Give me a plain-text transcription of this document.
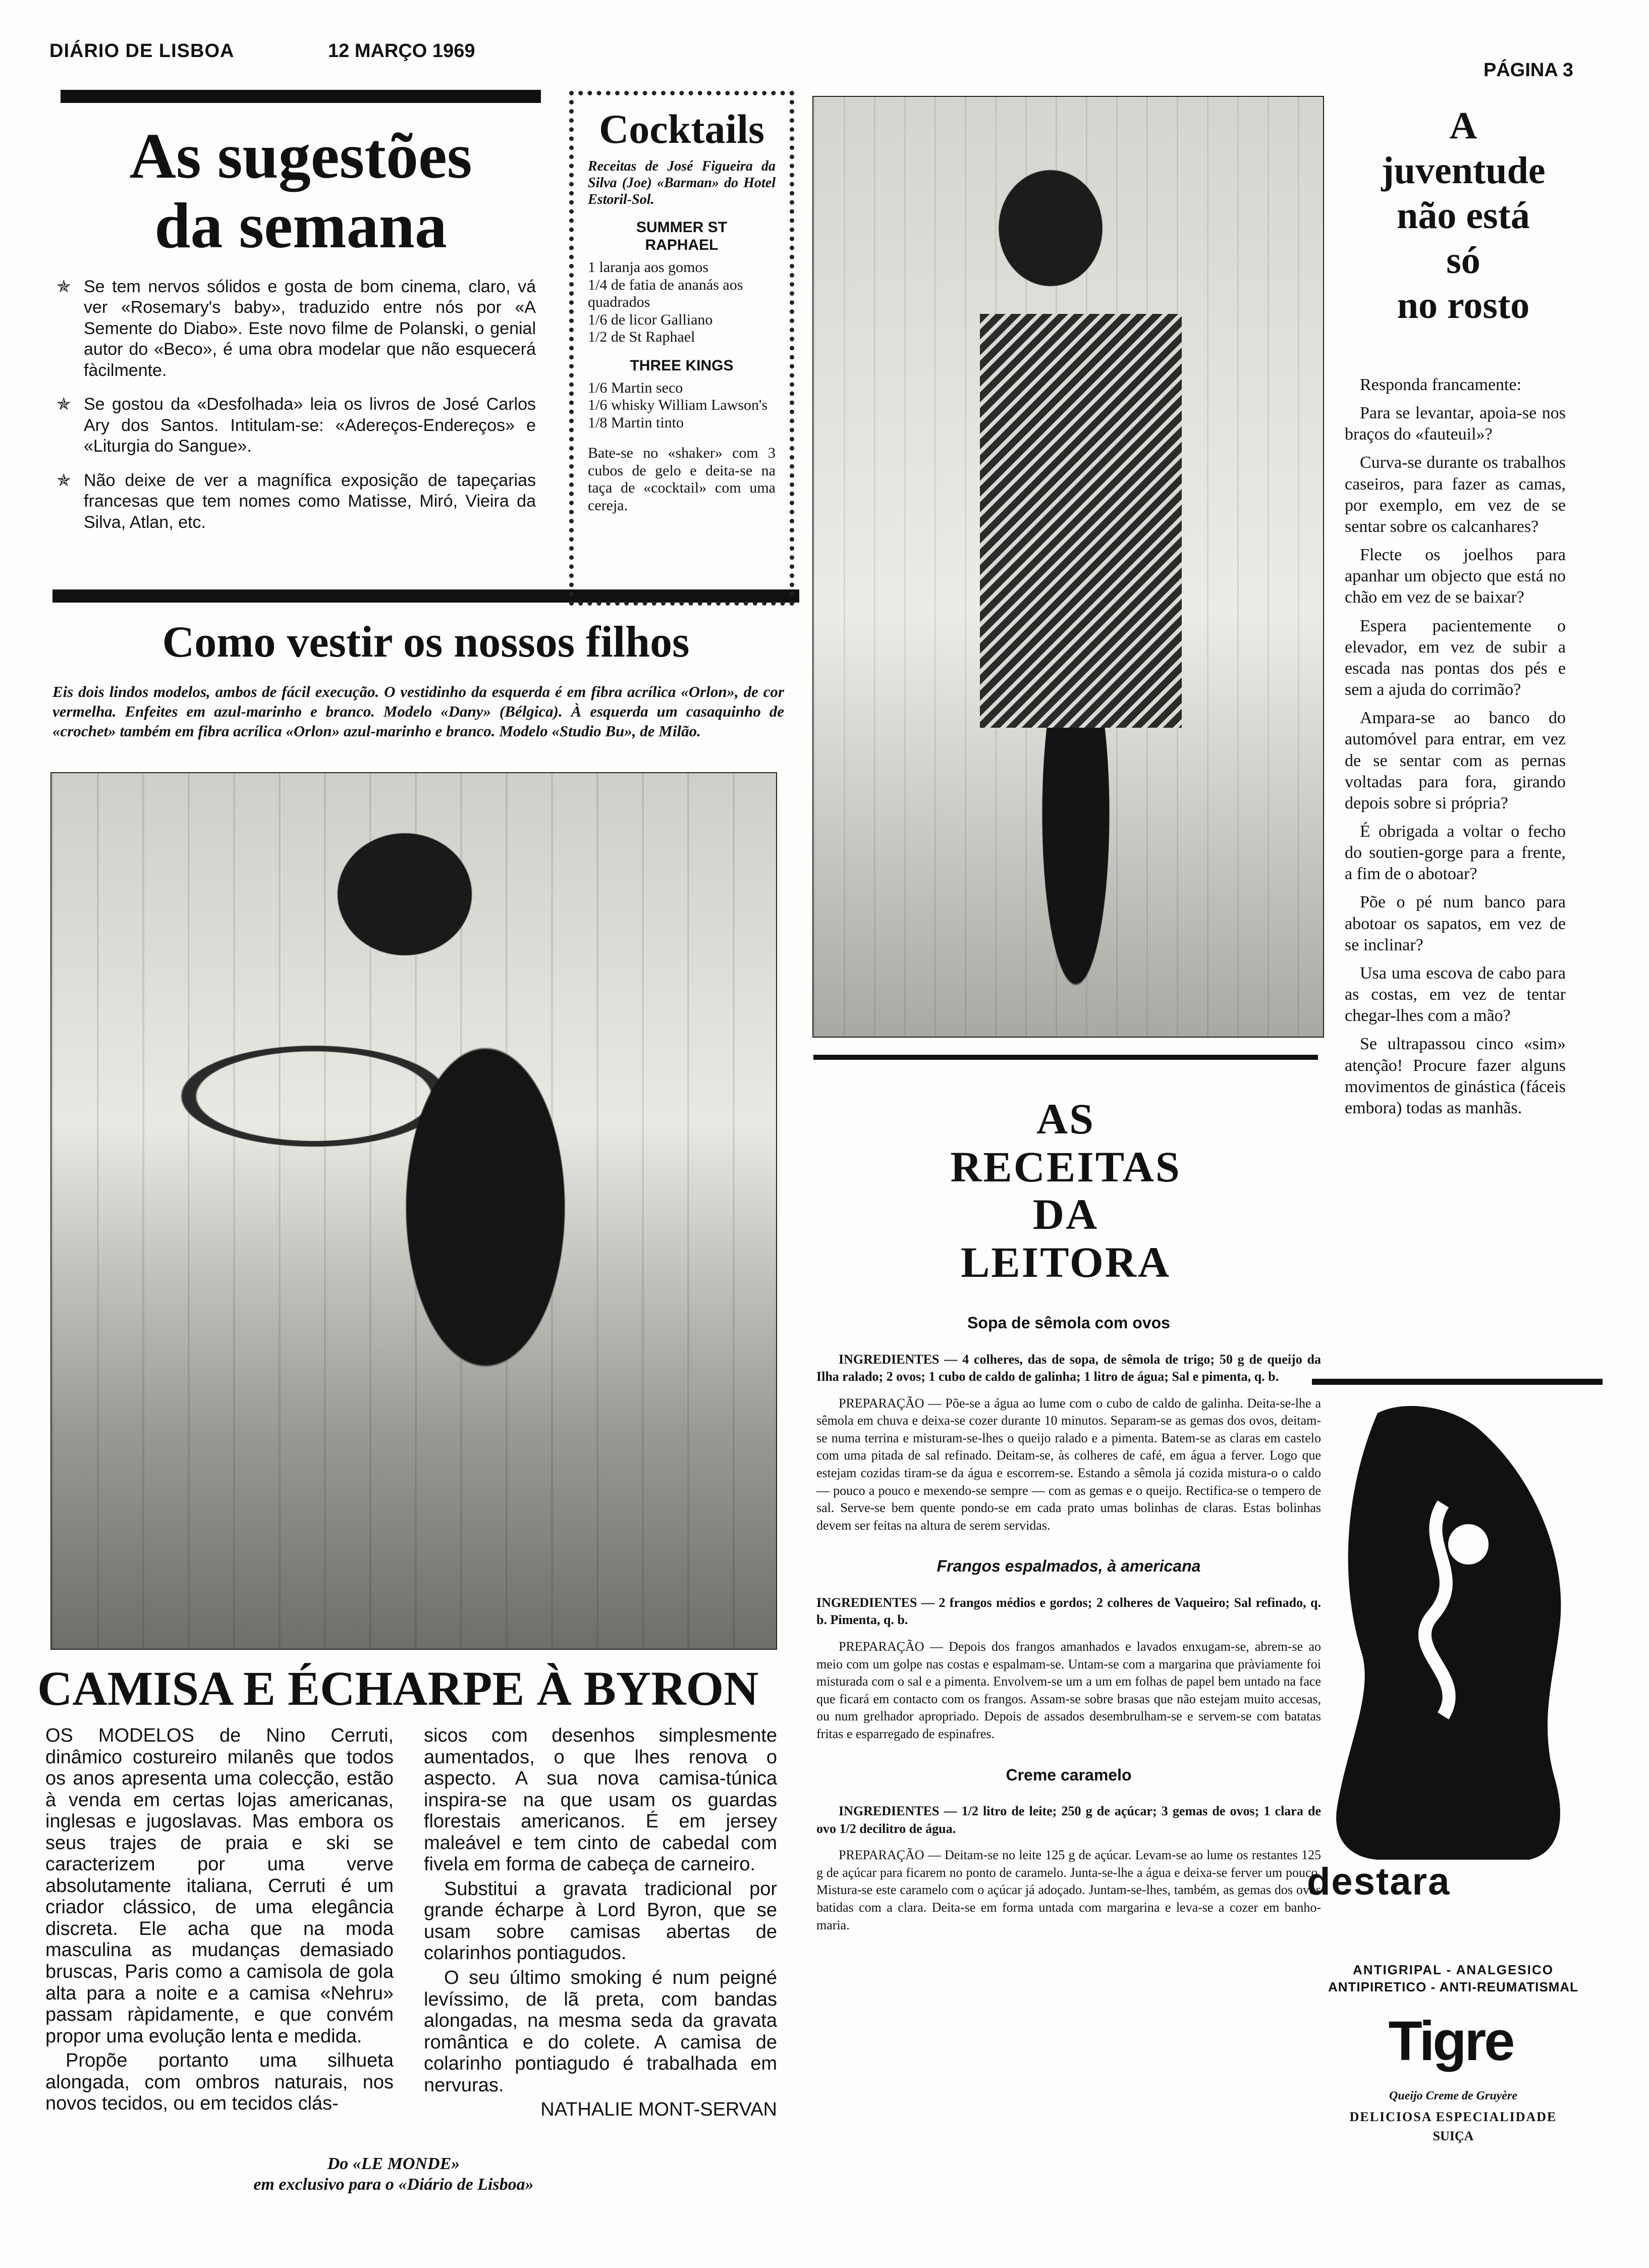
DIÁRIO DE LISBOA	12 MARÇO 1969
PÁGINA 3
As sugestões
da semana
✯ Se tem nervos sólidos e gosta de bom cinema, claro, vá ver «Rosemary's baby», traduzido entre nós por «A Semente do Diabo». Este novo filme de Polanski, o genial autor do «Beco», é uma obra modelar que não esquecerá fàcilmente.

✯ Se gostou da «Desfolhada» leia os livros de José Carlos Ary dos Santos. Intitulam-se: «Adereços-Endereços» e «Liturgia do Sangue».

✯ Não deixe de ver a magnífica exposição de tapeçarias francesas que tem nomes como Matisse, Miró, Vieira da Silva, Atlan, etc.

Cocktails

Receitas de José Figueira da Silva (Joe) «Barman» do Hotel Estoril-Sol.

SUMMER ST RAPHAEL
1 laranja aos gomos
1/4 de fatia de ananás aos quadrados
1/6 de licor Galliano
1/2 de St Raphael
THREE KINGS
1/6 Martin seco
1/6 whisky William Lawson's
1/8 Martin tinto

Bate-se no «shaker» com 3 cubos de gelo e deita-se na taça de «cocktail» com uma cereja.

Como vestir os nossos filhos

Eis dois lindos modelos, ambos de fácil execução. O vestidinho da esquerda é em fibra acrílica «Orlon», de cor vermelha. Enfeites em azul-marinho e branco. Modelo «Dany» (Bélgica). À esquerda um casaquinho de «crochet» também em fibra acrílica «Orlon» azul-marinho e branco. Modelo «Studio Bu», de Milão.

CAMISA E ÉCHARPE À BYRON

OS MODELOS de Nino Cerruti, dinâmico costureiro milanês que todos os anos apresenta uma colecção, estão à venda em certas lojas americanas, inglesas e jugoslavas. Mas embora os seus trajes de praia e ski se caracterizem por uma verve absolutamente italiana, Cerruti é um criador clássico, de uma elegância discreta. Ele acha que na moda masculina as mudanças demasiado bruscas, Paris como a camisola de gola alta para a noite e a camisa «Nehru» passam ràpidamente, e que convém propor uma evolução lenta e medida.

Propõe portanto uma silhueta alongada, com ombros naturais, nos novos tecidos, ou em tecidos clás-

sicos com desenhos simplesmente aumentados, o que lhes renova o aspecto. A sua nova camisa-túnica inspira-se na que usam os guardas florestais americanos. É em jersey maleável e tem cinto de cabedal com fivela em forma de cabeça de carneiro.

Substitui a gravata tradicional por grande écharpe à Lord Byron, que se usam sobre camisas abertas de colarinhos pontiagudos.

O seu último smoking é num peigné levíssimo, de lã preta, com bandas alongadas, na mesma seda da gravata romântica e do colete. A camisa de colarinho pontiagudo é trabalhada em nervuras.

NATHALIE MONT-SERVAN
Do «LE MONDE»
em exclusivo para o «Diário de Lisboa»
AS
RECEITAS
DA
LEITORA
Sopa de sêmola com ovos

INGREDIENTES — 4 colheres, das de sopa, de sêmola de trigo; 50 g de queijo da Ilha ralado; 2 ovos; 1 cubo de caldo de galinha; 1 litro de água; Sal e pimenta, q. b.

PREPARAÇÃO — Põe-se a água ao lume com o cubo de caldo de galinha. Deita-se-lhe a sêmola em chuva e deixa-se cozer durante 10 minutos. Separam-se as gemas dos ovos, deitam-se numa terrina e misturam-se-lhes o queijo ralado e a pimenta. Batem-se as claras em castelo com uma pitada de sal refinado. Deitam-se, às colheres de café, em água a ferver. Logo que estejam cozidas tiram-se da água e escorrem-se. Estando a sêmola já cozida mistura-o o caldo — pouco a pouco e mexendo-se sempre — com as gemas e o queijo. Rectifica-se o tempero de sal. Serve-se bem quente pondo-se em cada prato umas bolinhas de claras. Estas bolinhas devem ser feitas na altura de serem servidas.

Frangos espalmados, à americana

INGREDIENTES — 2 frangos médios e gordos; 2 colheres de Vaqueiro; Sal refinado, q. b. Pimenta, q. b.

PREPARAÇÃO — Depois dos frangos amanhados e lavados enxugam-se, abrem-se ao meio com um golpe nas costas e espalmam-se. Untam-se com a margarina que pràviamente foi misturada com o sal e a pimenta. Envolvem-se um a um em folhas de papel bem untado na face que ficará em contacto com os frangos. Assam-se sobre brasas que não estejam muito accesas, ou num grelhador apropriado. Depois de assados desembrulham-se e servem-se com batatas fritas e esparregado de espinafres.

Creme caramelo

INGREDIENTES — 1/2 litro de leite; 250 g de açúcar; 3 gemas de ovos; 1 clara de ovo 1/2 decilitro de água.

PREPARAÇÃO — Deitam-se no leite 125 g de açúcar. Levam-se ao lume os restantes 125 g de açúcar para ficarem no ponto de caramelo. Junta-se-lhe a água e deixa-se ferver um pouco. Mistura-se este caramelo com o açúcar já adoçado. Juntam-se-lhes, também, as gemas dos ovos batidas com a clara. Deita-se em forma untada com margarina e leva-se a cozer em banho-maria.

A
juventude
não está
só
no rosto

Responda francamente:

Para se levantar, apoia-se nos braços do «fauteuil»?

Curva-se durante os trabalhos caseiros, para fazer as camas, por exemplo, em vez de se sentar sobre os calcanhares?

Flecte os joelhos para apanhar um objecto que está no chão em vez de se baixar?

Espera pacientemente o elevador, em vez de subir a escada nas pontas dos pés e sem a ajuda do corrimão?

Ampara-se ao banco do automóvel para entrar, em vez de se sentar com as pernas voltadas para fora, girando depois sobre si própria?

É obrigada a voltar o fecho do soutien-gorge para a frente, a fim de o abotoar?

Põe o pé num banco para abotoar os sapatos, em vez de se inclinar?

Usa uma escova de cabo para as costas, em vez de tentar chegar-lhes com a mão?

Se ultrapassou cinco «sim» atenção! Procure fazer alguns movimentos de ginástica (fáceis embora) todas as manhãs.

destara
ANTIGRIPAL - ANALGESICO
ANTIPIRETICO - ANTI-REUMATISMAL
Tigre
Queijo Creme de Gruyère
DELICIOSA ESPECIALIDADE
SUIÇA
